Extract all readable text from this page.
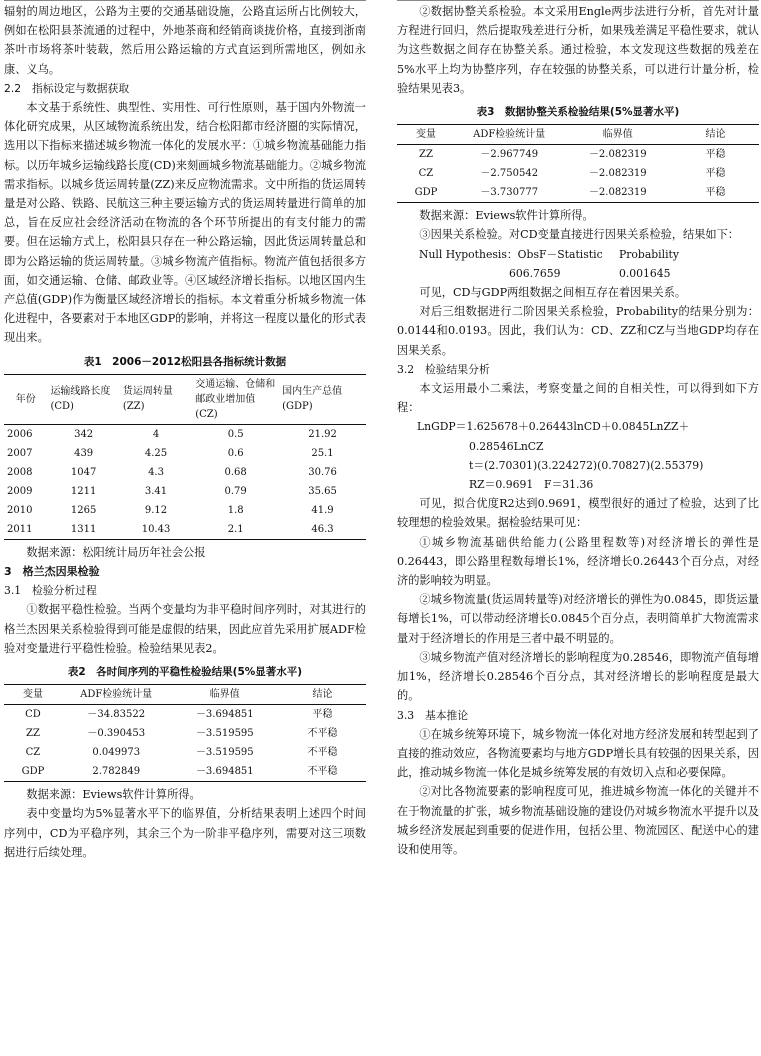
辐射的周边地区，公路为主要的交通基础设施，公路直运所占比例较大，例如在松阳县茶流通的过程中，外地茶商和经销商谈拢价格，直接到浙南茶叶市场将茶叶装载，然后用公路运输的方式直运到所需地区，例如永康、义乌。

2.2　指标设定与数据获取

本文基于系统性、典型性、实用性、可行性原则，基于国内外物流一体化研究成果，从区域物流系统出发，结合松阳都市经济圈的实际情况，选用以下指标来描述城乡物流一体化的发展水平：①城乡物流基础能力指标。以历年城乡运输线路长度(CD)来刻画城乡物流基础能力。②城乡物流需求指标。以城乡货运周转量(ZZ)来反应物流需求。文中所指的货运周转量是对公路、铁路、民航这三种主要运输方式的货运周转量进行简单的加总，旨在反应社会经济活动在物流的各个环节所提出的有支付能力的需要。但在运输方式上，松阳县只存在一种公路运输，因此货运周转量总和即为公路运输的货运周转量。③城乡物流产值指标。物流产值包括很多方面，如交通运输、仓储、邮政业等。④区域经济增长指标。以地区国内生产总值(GDP)作为衡量区域经济增长的指标。本文着重分析城乡物流一体化进程中，各要素对于本地区GDP的影响，并将这一程度以量化的形式表现出来。

表1　2006－2012松阳县各指标统计数据
年份	运输线路长度(CD)	货运周转量(ZZ)	交通运输、仓储和邮政业增加值(CZ)	国内生产总值(GDP)
2006	342	4	0.5	21.92
2007	439	4.25	0.6	25.1
2008	1047	4.3	0.68	30.76
2009	1211	3.41	0.79	35.65
2010	1265	9.12	1.8	41.9
2011	1311	10.43	2.1	46.3

数据来源：松阳统计局历年社会公报

3　格兰杰因果检验

3.1　检验分析过程

①数据平稳性检验。当两个变量均为非平稳时间序列时，对其进行的格兰杰因果关系检验得到可能是虚假的结果，因此应首先采用扩展ADF检验对变量进行平稳性检验。检验结果见表2。

表2　各时间序列的平稳性检验结果(5%显著水平)
变量	ADF检验统计量	临界值	结论
CD	－34.83522	－3.694851	平稳
ZZ	－0.390453	－3.519595	不平稳
CZ	0.049973	－3.519595	不平稳
GDP	2.782849	－3.694851	不平稳

数据来源：Eviews软件计算所得。

表中变量均为5%显著水平下的临界值，分析结果表明上述四个时间序列中，CD为平稳序列，其余三个为一阶非平稳序列，需要对这三项数据进行后续处理。

②数据协整关系检验。本文采用Engle两步法进行分析，首先对计量方程进行回归，然后提取残差进行分析，如果残差满足平稳性要求，就认为这些数据之间存在协整关系。通过检验，本文发现这些数据的残差在5%水平上均为协整序列，存在较强的协整关系，可以进行计量分析，检验结果见表3。

表3　数据协整关系检验结果(5%显著水平)
变量	ADF检验统计量	临界值	结论
ZZ	－2.967749	－2.082319	平稳
CZ	－2.750542	－2.082319	平稳
GDP	－3.730777	－2.082319	平稳

数据来源：Eviews软件计算所得。

③因果关系检验。对CD变量直接进行因果关系检验，结果如下：

Null Hypothesis：ObsF－Statistic	Probability
606.7659	0.001645

可见，CD与GDP两组数据之间相互存在着因果关系。

对后三组数据进行二阶因果关系检验，Probability的结果分别为：0.0144和0.0193。因此，我们认为：CD、ZZ和CZ与当地GDP均存在因果关系。

3.2　检验结果分析

本文运用最小二乘法，考察变量之间的自相关性，可以得到如下方程：

LnGDP＝1.625678＋0.26443lnCD＋0.0845LnZZ＋
0.28546LnCZ
t＝(2.70301)(3.224272)(0.70827)(2.55379)
RZ＝0.9691　F＝31.36

可见，拟合优度R2达到0.9691，模型很好的通过了检验，达到了比较理想的检验效果。据检验结果可见：

①城乡物流基础供给能力(公路里程数等)对经济增长的弹性是0.26443，即公路里程数每增长1%，经济增长0.26443个百分点，对经济的影响较为明显。

②城乡物流量(货运周转量等)对经济增长的弹性为0.0845，即货运量每增长1%，可以带动经济增长0.0845个百分点，表明简单扩大物流需求量对于经济增长的作用是三者中最不明显的。

③城乡物流产值对经济增长的影响程度为0.28546，即物流产值每增加1%，经济增长0.28546个百分点，其对经济增长的影响程度是最大的。

3.3　基本推论

①在城乡统筹环境下，城乡物流一体化对地方经济发展和转型起到了直接的推动效应，各物流要素均与地方GDP增长具有较强的因果关系，因此，推动城乡物流一体化是城乡统筹发展的有效切入点和必要保障。

②对比各物流要素的影响程度可见，推进城乡物流一体化的关键并不在于物流量的扩张，城乡物流基础设施的建设仍对城乡物流水平提升以及城乡经济发展起到重要的促进作用，包括公里、物流园区、配送中心的建设和使用等。
